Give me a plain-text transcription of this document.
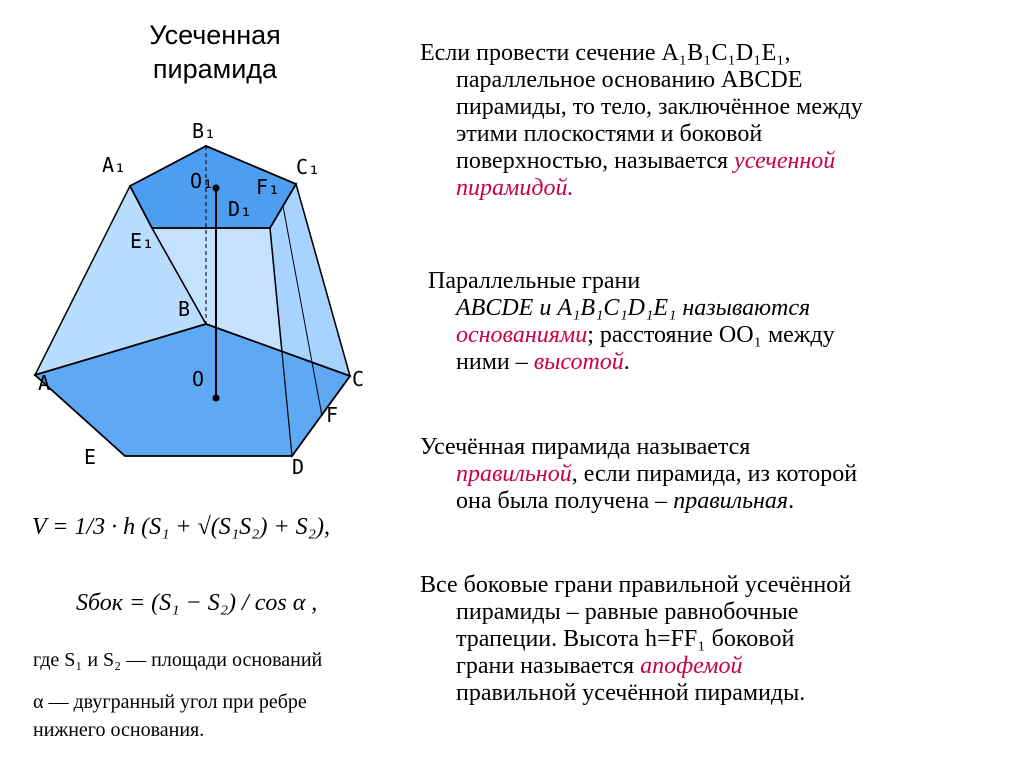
Усеченная
пирамида
B₁
A₁	C₁
O₁ F₁
D₁
E₁
B
A	C
O
F
E	D
V = 1/3 · h (S₁ + √(S₁S₂) + S₂),
Sбок = (S₁ − S₂) / cos α ,
где S₁ и S₂ — площади оснований
α — двугранный угол при ребре
нижнего основания.
Если провести сечение A₁B₁C₁D₁E₁,
параллельное основанию ABCDE
пирамиды, то тело, заключённое между
этими плоскостями и боковой
поверхностью, называется усеченной
пирамидой.
Параллельные грани
ABCDE и A₁B₁C₁D₁E₁ называются
основаниями; расстояние OO₁ между
ними – высотой.
Усечённая пирамида называется
правильной, если пирамида, из которой
она была получена – правильная.
Все боковые грани правильной усечённой
пирамиды – равные равнобочные
трапеции. Высота h=FF₁ боковой
грани называется апофемой
правильной усечённой пирамиды.
